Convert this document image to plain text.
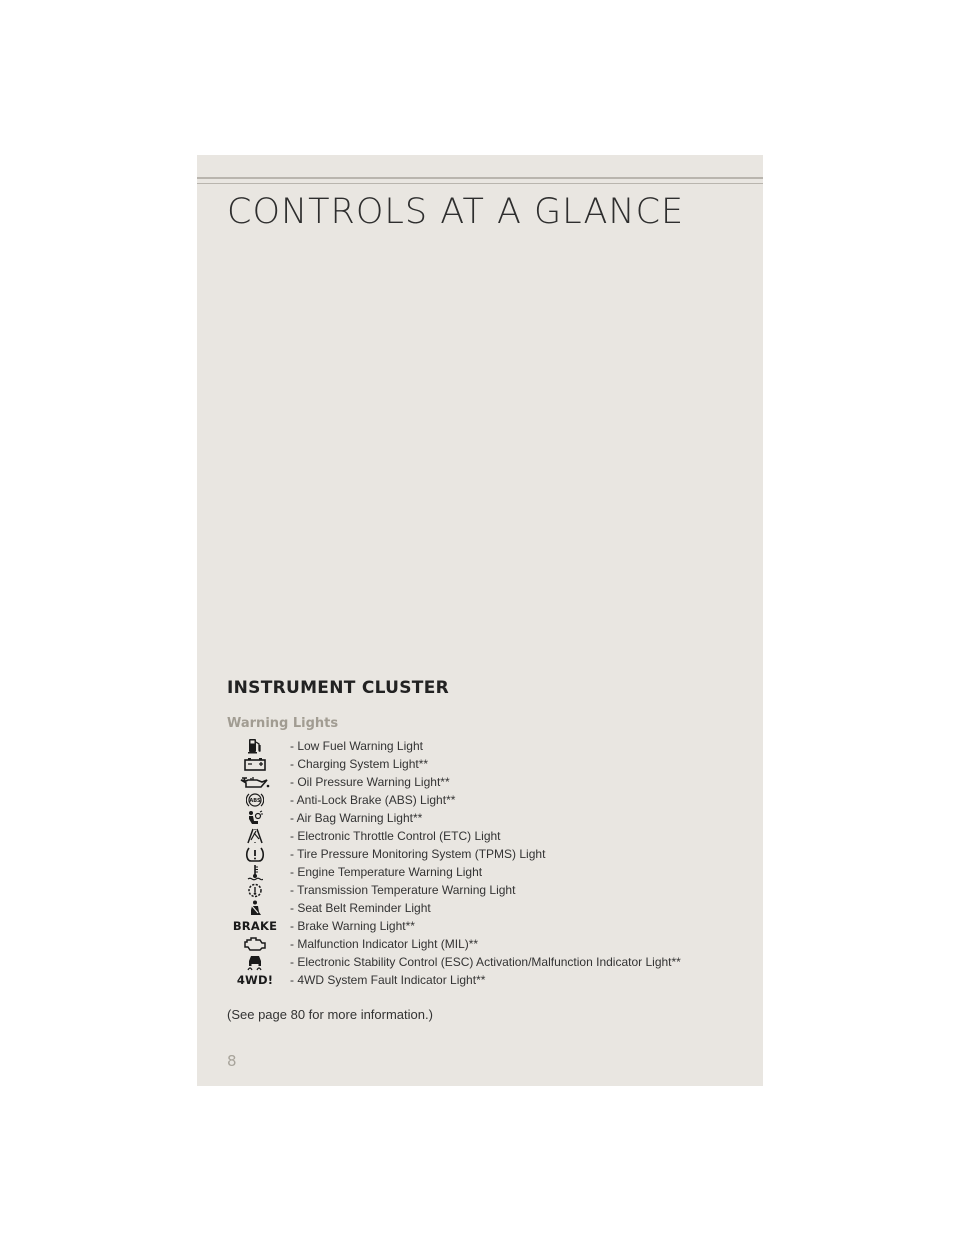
CONTROLS AT A GLANCE
INSTRUMENT CLUSTER
Warning Lights
- Low Fuel Warning Light
- Charging System Light**
- Oil Pressure Warning Light**
ABS - Anti-Lock Brake (ABS) Light**
- Air Bag Warning Light**
- Electronic Throttle Control (ETC) Light
- Tire Pressure Monitoring System (TPMS) Light
- Engine Temperature Warning Light
- Transmission Temperature Warning Light
- Seat Belt Reminder Light
BRAKE - Brake Warning Light**
- Malfunction Indicator Light (MIL)**
- Electronic Stability Control (ESC) Activation/Malfunction Indicator Light**
4WD! - 4WD System Fault Indicator Light**
(See page 80 for more information.)
8
